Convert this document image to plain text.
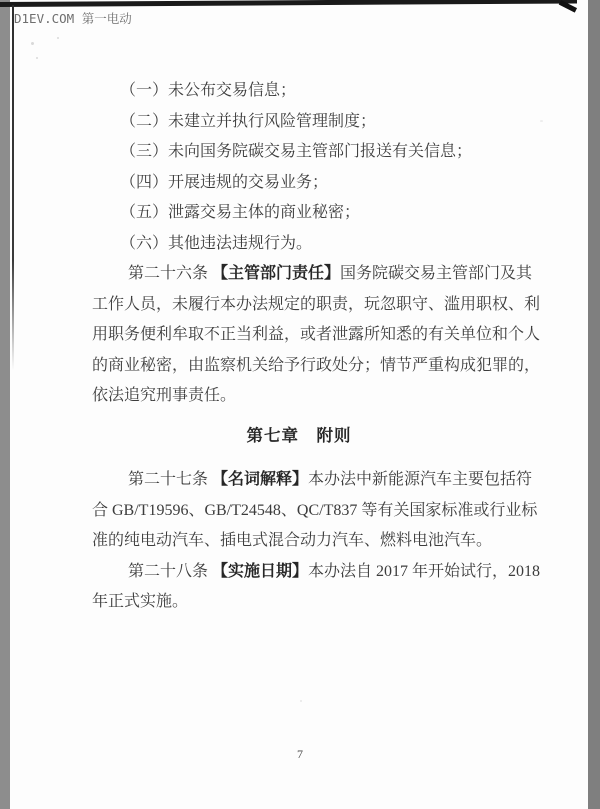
D1EV.COM 第一电动
（一）未公布交易信息；
（二）未建立并执行风险管理制度；
（三）未向国务院碳交易主管部门报送有关信息；
（四）开展违规的交易业务；
（五）泄露交易主体的商业秘密；
（六）其他违法违规行为。
第二十六条 【主管部门责任】国务院碳交易主管部门及其
工作人员，未履行本办法规定的职责，玩忽职守、滥用职权、利
用职务便利牟取不正当利益，或者泄露所知悉的有关单位和个人
的商业秘密，由监察机关给予行政处分；情节严重构成犯罪的，
依法追究刑事责任。
第七章　附则
第二十七条 【名词解释】本办法中新能源汽车主要包括符
合 GB/T19596、GB/T24548、QC/T837 等有关国家标准或行业标
准的纯电动汽车、插电式混合动力汽车、燃料电池汽车。
第二十八条 【实施日期】本办法自 2017 年开始试行，2018
年正式实施。
7
